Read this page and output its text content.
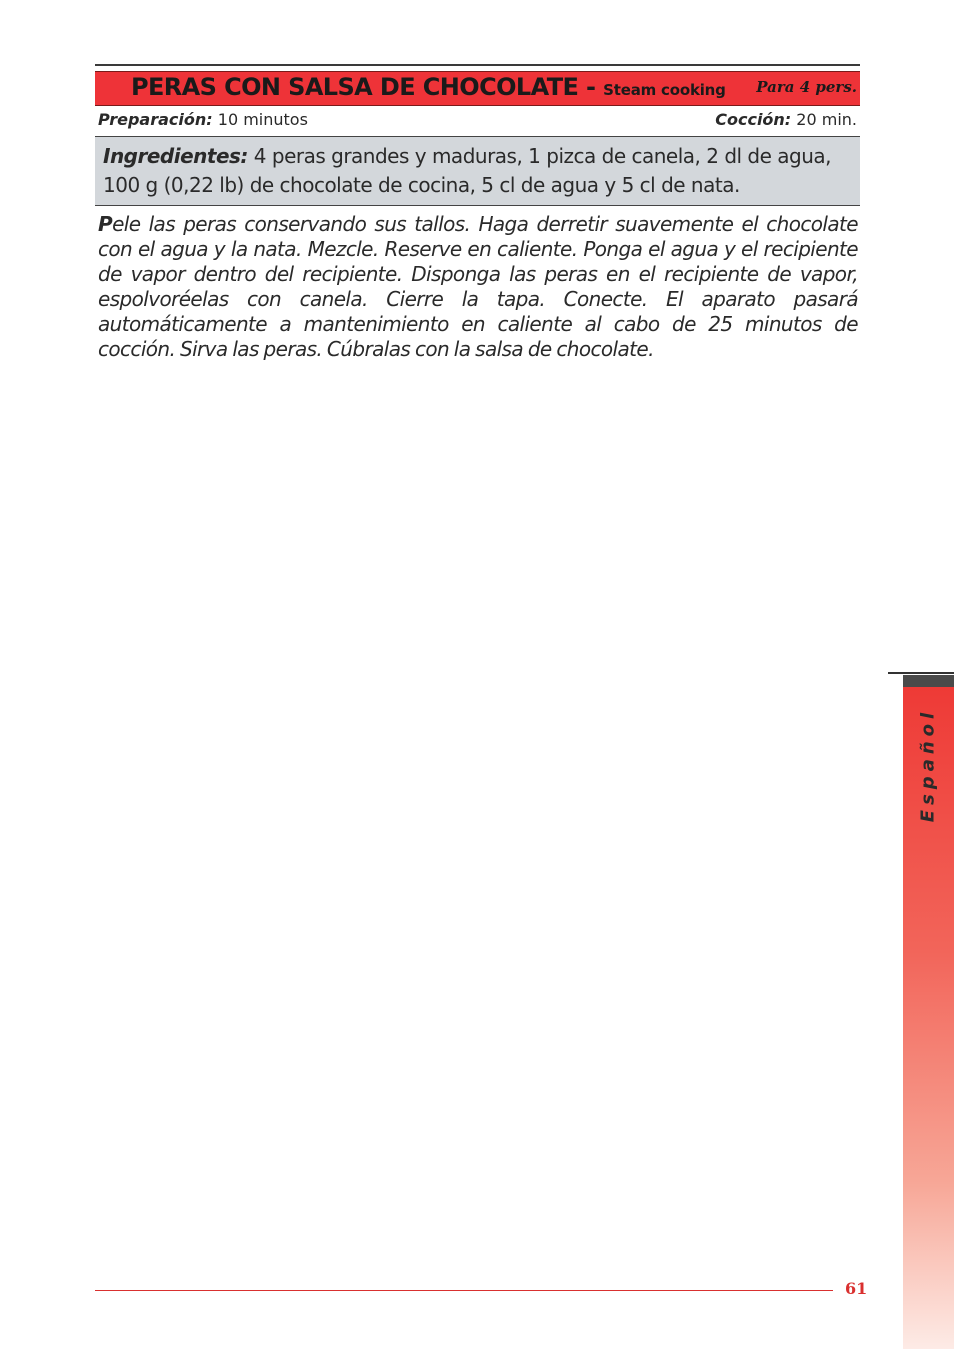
PERAS CON SALSA DE CHOCOLATE - Steam cooking Para 4 pers.
Preparación: 10 minutos	Cocción: 20 min.
Ingredientes: 4 peras grandes y maduras, 1 pizca de canela, 2 dl de agua, 100 g (0,22 lb) de chocolate de cocina, 5 cl de agua y 5 cl de nata.
Pele las peras conservando sus tallos. Haga derretir suavemente el chocolate con el agua y la nata. Mezcle. Reserve en caliente. Ponga el agua y el recipiente de vapor dentro del recipiente. Disponga las peras en el recipiente de vapor, espolvoréelas con canela. Cierre la tapa. Conecte. El aparato pasará automáticamente a mantenimiento en caliente al cabo de 25 minutos de cocción. Sirva las peras. Cúbralas con la salsa de chocolate.
Español
61
